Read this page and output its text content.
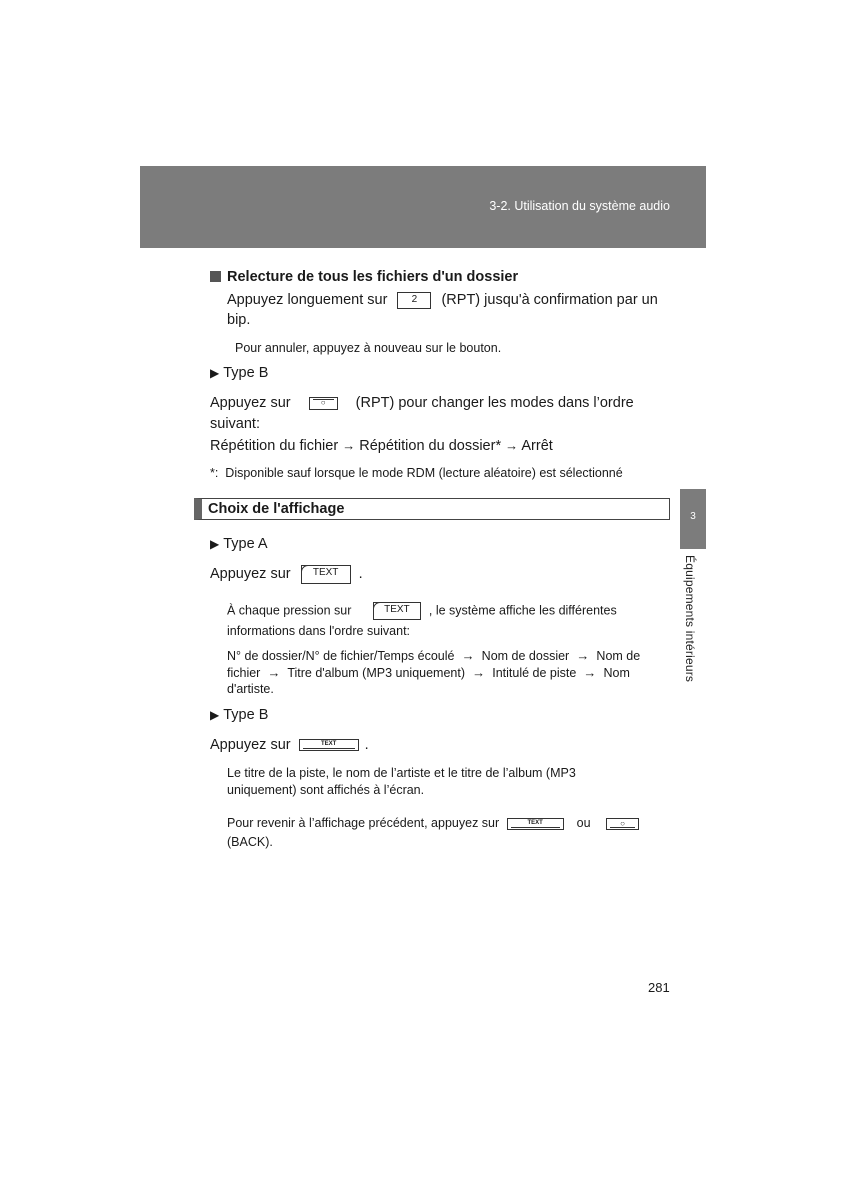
3-2. Utilisation du système audio
3
Équipements intérieurs
Relecture de tous les fichiers d'un dossier
Appuyez longuement sur 2 (RPT) jusqu'à confirmation par un
bip.
Pour annuler, appuyez à nouveau sur le bouton.
▶ Type B
Appuyez sur	○ (RPT) pour changer les modes dans l’ordre
suivant:
Répétition du fichier → Répétition du dossier* → Arrêt
*: Disponible sauf lorsque le mode RDM (lecture aléatoire) est sélectionné
Choix de l'affichage
▶ Type A
Appuyez sur TEXT .
À chaque pression sur	TEXT , le système affiche les différentes
informations dans l'ordre suivant:
N° de dossier/N° de fichier/Temps écoulé  →  Nom de dossier  →  Nom de
fichier  →  Titre d'album (MP3 uniquement)  →  Intitulé de piste  →  Nom
d'artiste.
▶ Type B
Appuyez sur	TEXT .
Le titre de la piste, le nom de l’artiste et le titre de l’album (MP3
uniquement) sont affichés à l’écran.
Pour revenir à l’affichage précédent, appuyez sur	TEXT	ou	○
(BACK).
281
